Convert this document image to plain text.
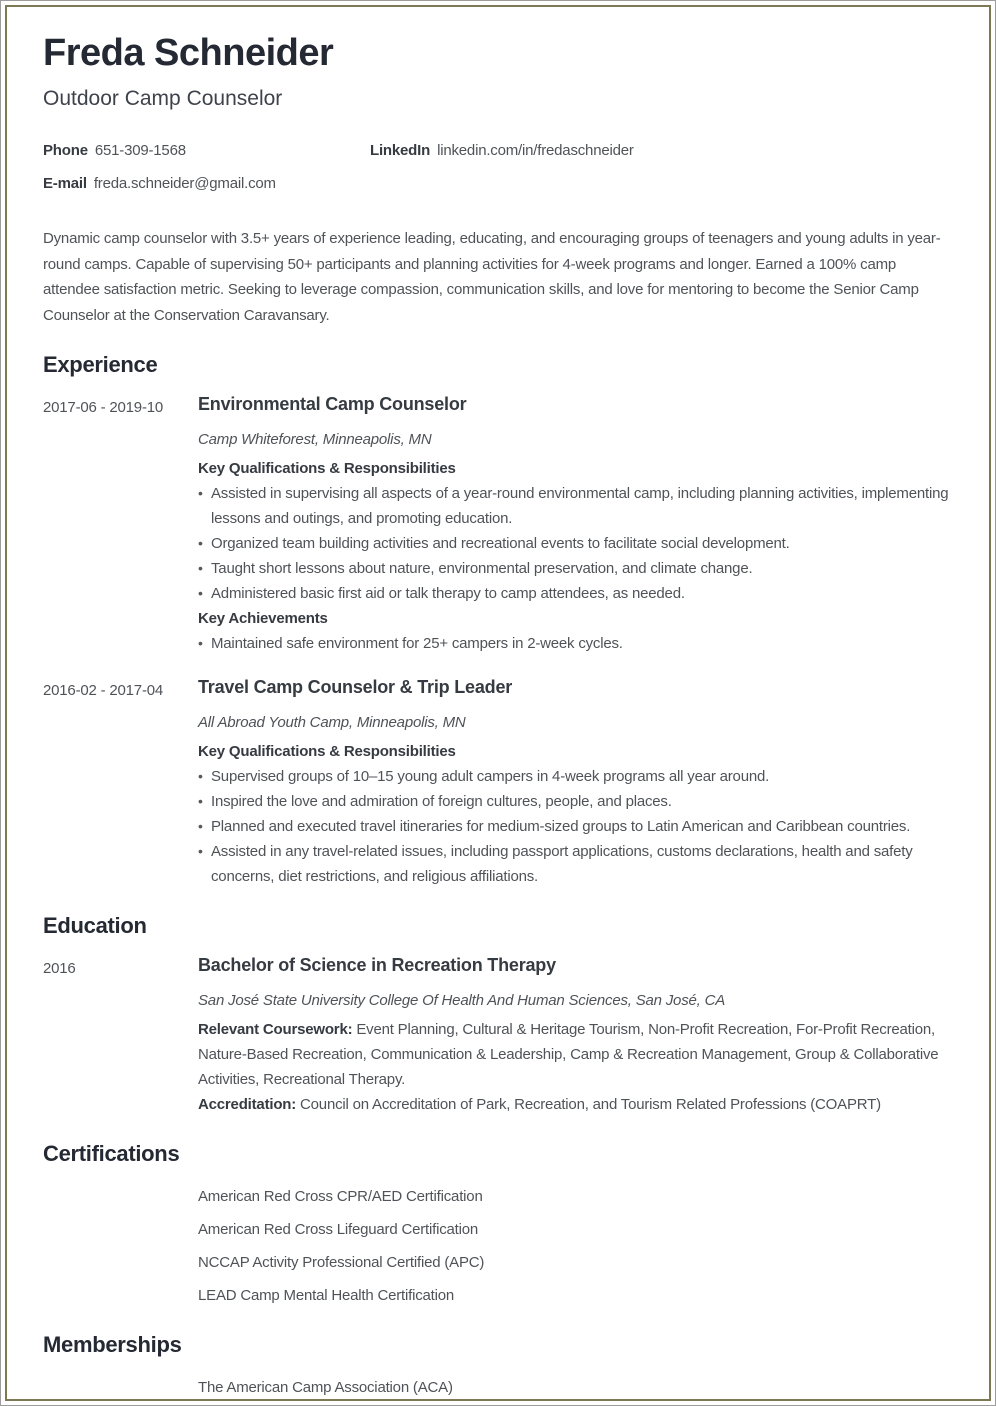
Freda Schneider
Outdoor Camp Counselor
Phone 651-309-1568	LinkedIn linkedin.com/in/fredaschneider
E-mail freda.schneider@gmail.com

Dynamic camp counselor with 3.5+ years of experience leading, educating, and encouraging groups of teenagers and young adults in year-round camps. Capable of supervising 50+ participants and planning activities for 4-week programs and longer. Earned a 100% camp attendee satisfaction metric. Seeking to leverage compassion, communication skills, and love for mentoring to become the Senior Camp Counselor at the Conservation Caravansary.

Experience
2017-06 - 2019-10	Environmental Camp Counselor
Camp Whiteforest, Minneapolis, MN
Key Qualifications & Responsibilities
• Assisted in supervising all aspects of a year-round environmental camp, including planning activities, implementing lessons and outings, and promoting education.
• Organized team building activities and recreational events to facilitate social development.
• Taught short lessons about nature, environmental preservation, and climate change.
• Administered basic first aid or talk therapy to camp attendees, as needed.
Key Achievements
• Maintained safe environment for 25+ campers in 2-week cycles.
2016-02 - 2017-04	Travel Camp Counselor & Trip Leader
All Abroad Youth Camp, Minneapolis, MN
Key Qualifications & Responsibilities
• Supervised groups of 10–15 young adult campers in 4-week programs all year around.
• Inspired the love and admiration of foreign cultures, people, and places.
• Planned and executed travel itineraries for medium-sized groups to Latin American and Caribbean countries.
• Assisted in any travel-related issues, including passport applications, customs declarations, health and safety concerns, diet restrictions, and religious affiliations.
Education
2016	Bachelor of Science in Recreation Therapy
San José State University College Of Health And Human Sciences, San José, CA

Relevant Coursework: Event Planning, Cultural & Heritage Tourism, Non-Profit Recreation, For-Profit Recreation, Nature-Based Recreation, Communication & Leadership, Camp & Recreation Management, Group & Collaborative Activities, Recreational Therapy.

Accreditation: Council on Accreditation of Park, Recreation, and Tourism Related Professions (COAPRT)

Certifications
American Red Cross CPR/AED Certification
American Red Cross Lifeguard Certification
NCCAP Activity Professional Certified (APC)
LEAD Camp Mental Health Certification
Memberships
The American Camp Association (ACA)
